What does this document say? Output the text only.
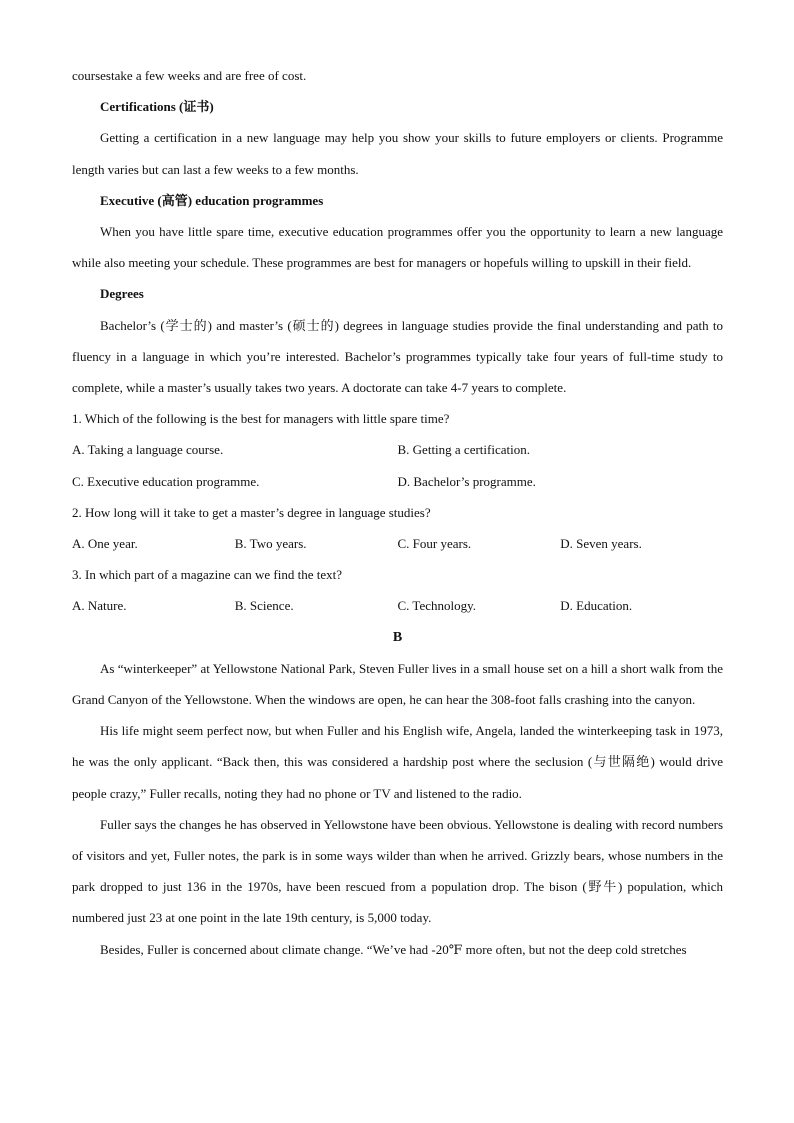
coursestake a few weeks and are free of cost.

Certifications (证书)

Getting a certification in a new language may help you show your skills to future employers or clients. Programme length varies but can last a few weeks to a few months.

Executive (高管) education programmes

When you have little spare time, executive education programmes offer you the opportunity to learn a new language while also meeting your schedule. These programmes are best for managers or hopefuls willing to upskill in their field.

Degrees

Bachelor’s (学士的) and master’s (硕士的) degrees in language studies provide the final understanding and path to fluency in a language in which you’re interested. Bachelor’s programmes typically take four years of full-time study to complete, while a master’s usually takes two years. A doctorate can take 4-7 years to complete.

1. Which of the following is the best for managers with little spare time?

A. Taking a language course.	B. Getting a certification.
C. Executive education programme.	D. Bachelor’s programme.

2. How long will it take to get a master’s degree in language studies?

A. One year.	B. Two years.	C. Four years.	D. Seven years.

3. In which part of a magazine can we find the text?

A. Nature.	B. Science.	C. Technology.	D. Education.

B

As “winterkeeper” at Yellowstone National Park, Steven Fuller lives in a small house set on a hill a short walk from the Grand Canyon of the Yellowstone. When the windows are open, he can hear the 308-foot falls crashing into the canyon.

His life might seem perfect now, but when Fuller and his English wife, Angela, landed the winterkeeping task in 1973, he was the only applicant. “Back then, this was considered a hardship post where the seclusion (与世隔绝) would drive people crazy,” Fuller recalls, noting they had no phone or TV and listened to the radio.

Fuller says the changes he has observed in Yellowstone have been obvious. Yellowstone is dealing with record numbers of visitors and yet, Fuller notes, the park is in some ways wilder than when he arrived. Grizzly bears, whose numbers in the park dropped to just 136 in the 1970s, have been rescued from a population drop. The bison (野牛) population, which numbered just 23 at one point in the late 19th century, is 5,000 today.

Besides, Fuller is concerned about climate change. “We’ve had -20℉ more often, but not the deep cold stretches
